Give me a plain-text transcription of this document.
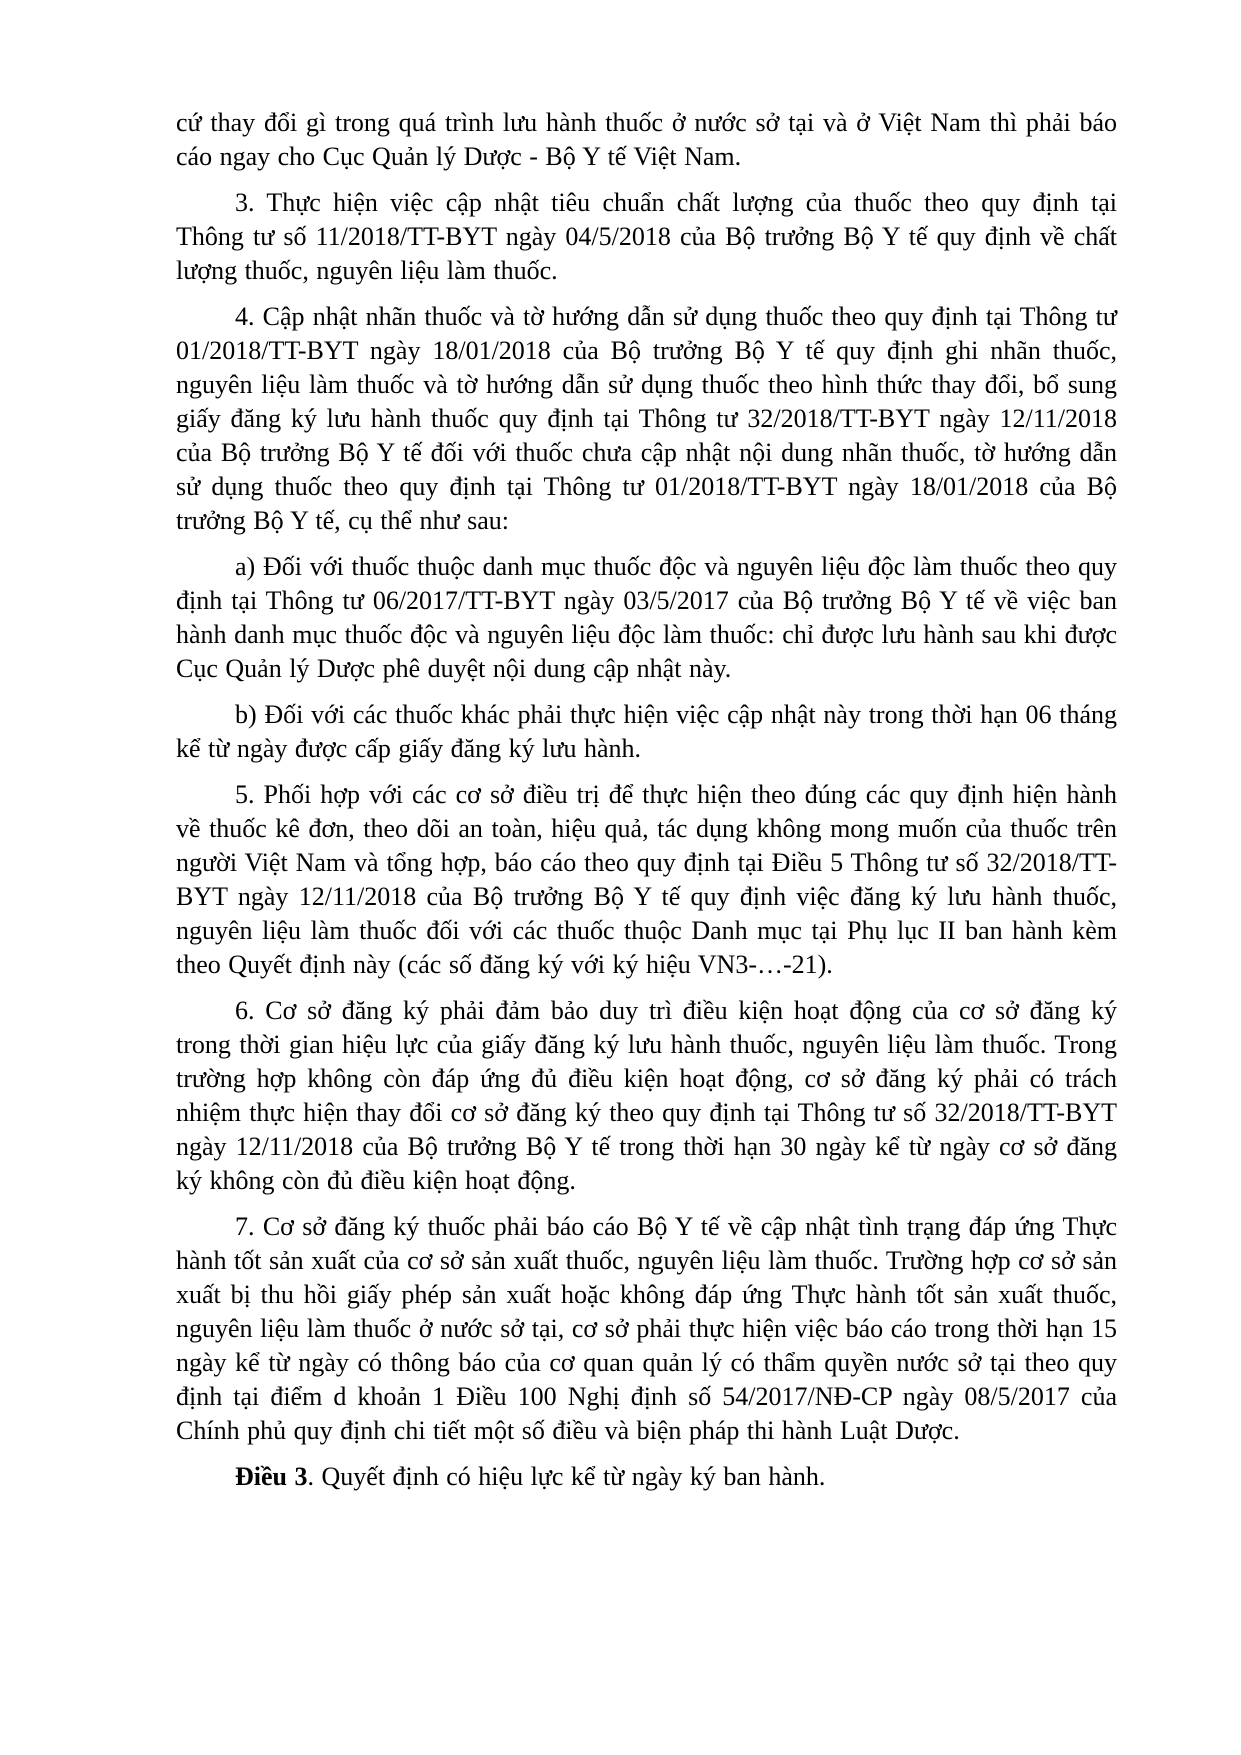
cứ thay đổi gì trong quá trình lưu hành thuốc ở nước sở tại và ở Việt Nam thì phải báo cáo ngay cho Cục Quản lý Dược - Bộ Y tế Việt Nam.

3. Thực hiện việc cập nhật tiêu chuẩn chất lượng của thuốc theo quy định tại Thông tư số 11/2018/TT-BYT ngày 04/5/2018 của Bộ trưởng Bộ Y tế quy định về chất lượng thuốc, nguyên liệu làm thuốc.

4. Cập nhật nhãn thuốc và tờ hướng dẫn sử dụng thuốc theo quy định tại Thông tư 01/2018/TT-BYT ngày 18/01/2018 của Bộ trưởng Bộ Y tế quy định ghi nhãn thuốc, nguyên liệu làm thuốc và tờ hướng dẫn sử dụng thuốc theo hình thức thay đổi, bổ sung giấy đăng ký lưu hành thuốc quy định tại Thông tư 32/2018/TT-BYT ngày 12/11/2018 của Bộ trưởng Bộ Y tế đối với thuốc chưa cập nhật nội dung nhãn thuốc, tờ hướng dẫn sử dụng thuốc theo quy định tại Thông tư 01/2018/TT-BYT ngày 18/01/2018 của Bộ trưởng Bộ Y tế, cụ thể như sau:

a) Đối với thuốc thuộc danh mục thuốc độc và nguyên liệu độc làm thuốc theo quy định tại Thông tư 06/2017/TT-BYT ngày 03/5/2017 của Bộ trưởng Bộ Y tế về việc ban hành danh mục thuốc độc và nguyên liệu độc làm thuốc: chỉ được lưu hành sau khi được Cục Quản lý Dược phê duyệt nội dung cập nhật này.

b) Đối với các thuốc khác phải thực hiện việc cập nhật này trong thời hạn 06 tháng kể từ ngày được cấp giấy đăng ký lưu hành.

5. Phối hợp với các cơ sở điều trị để thực hiện theo đúng các quy định hiện hành về thuốc kê đơn, theo dõi an toàn, hiệu quả, tác dụng không mong muốn của thuốc trên người Việt Nam và tổng hợp, báo cáo theo quy định tại Điều 5 Thông tư số 32/2018/TT-BYT ngày 12/11/2018 của Bộ trưởng Bộ Y tế quy định việc đăng ký lưu hành thuốc, nguyên liệu làm thuốc đối với các thuốc thuộc Danh mục tại Phụ lục II ban hành kèm theo Quyết định này (các số đăng ký với ký hiệu VN3-…-21).

6. Cơ sở đăng ký phải đảm bảo duy trì điều kiện hoạt động của cơ sở đăng ký trong thời gian hiệu lực của giấy đăng ký lưu hành thuốc, nguyên liệu làm thuốc. Trong trường hợp không còn đáp ứng đủ điều kiện hoạt động, cơ sở đăng ký phải có trách nhiệm thực hiện thay đổi cơ sở đăng ký theo quy định tại Thông tư số 32/2018/TT-BYT ngày 12/11/2018 của Bộ trưởng Bộ Y tế trong thời hạn 30 ngày kể từ ngày cơ sở đăng ký không còn đủ điều kiện hoạt động.

7. Cơ sở đăng ký thuốc phải báo cáo Bộ Y tế về cập nhật tình trạng đáp ứng Thực hành tốt sản xuất của cơ sở sản xuất thuốc, nguyên liệu làm thuốc. Trường hợp cơ sở sản xuất bị thu hồi giấy phép sản xuất hoặc không đáp ứng Thực hành tốt sản xuất thuốc, nguyên liệu làm thuốc ở nước sở tại, cơ sở phải thực hiện việc báo cáo trong thời hạn 15 ngày kể từ ngày có thông báo của cơ quan quản lý có thẩm quyền nước sở tại theo quy định tại điểm d khoản 1 Điều 100 Nghị định số 54/2017/NĐ-CP ngày 08/5/2017 của Chính phủ quy định chi tiết một số điều và biện pháp thi hành Luật Dược.

Điều 3. Quyết định có hiệu lực kể từ ngày ký ban hành.
